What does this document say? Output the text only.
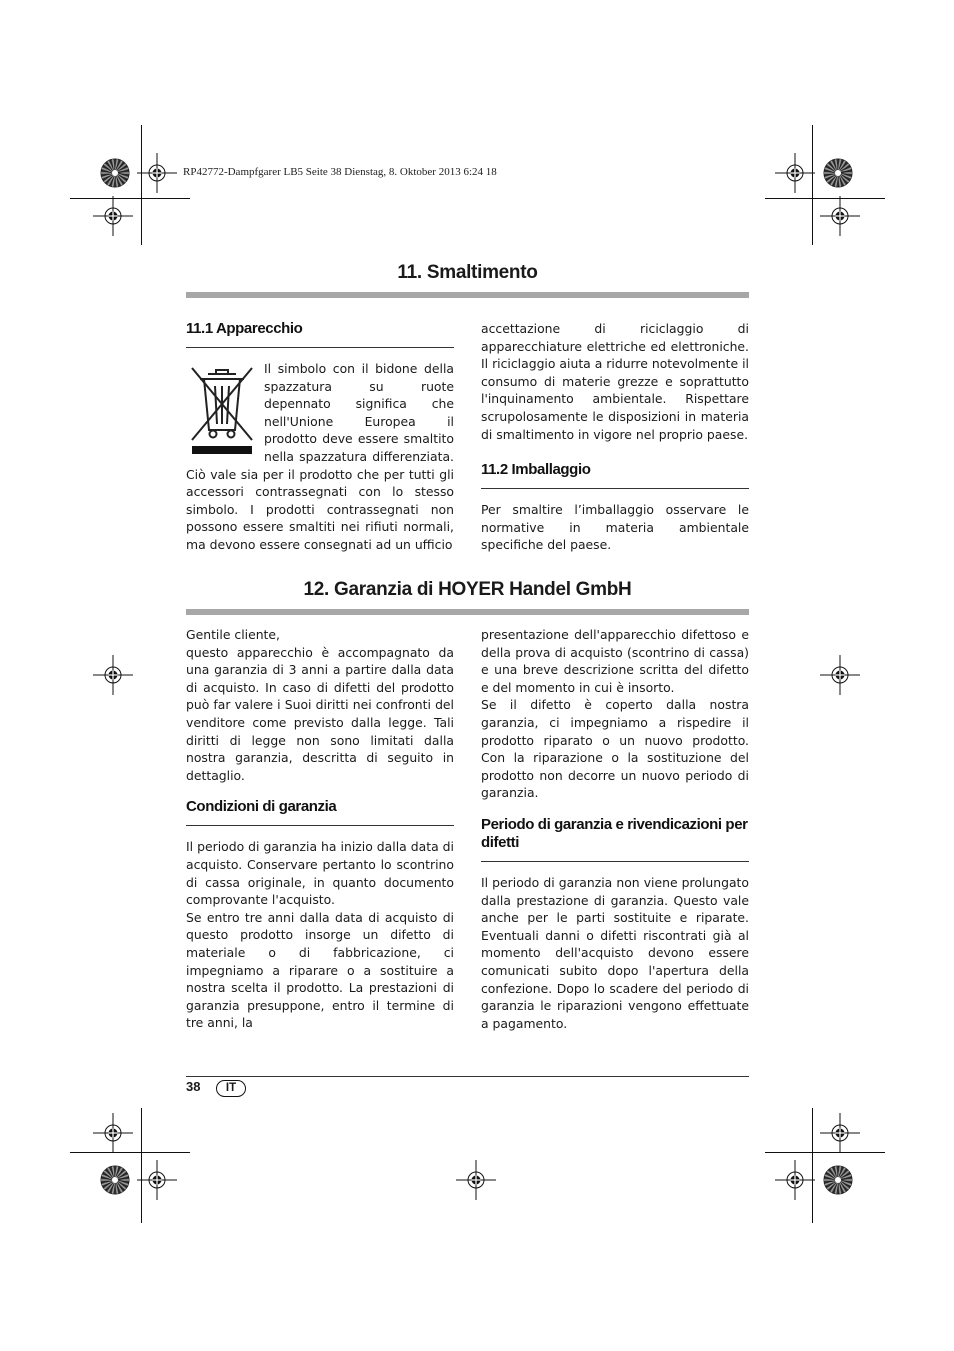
RP42772-Dampfgarer LB5 Seite 38 Dienstag, 8. Oktober 2013 6:24 18
11. Smaltimento
11.1 Apparecchio

Il simbolo con il bidone della spazzatura su ruote depennato significa che nell'Unione Europea il prodotto deve essere smaltito nella spazzatura differenziata. Ciò vale sia per il prodotto che per tutti gli accessori contrassegnati con lo stesso simbolo. I prodotti contrassegnati non possono essere smaltiti nei rifiuti normali, ma devono essere consegnati ad un ufficio

accettazione di riciclaggio di apparecchiature elettriche ed elettroniche. Il riciclaggio aiuta a ridurre notevolmente il consumo di materie grezze e soprattutto l'inquinamento ambientale. Rispettare scrupolosamente le disposizioni in materia di smaltimento in vigore nel proprio paese.

11.2 Imballaggio

Per smaltire l’imballaggio osservare le normative in materia ambientale specifiche del paese.

12. Garanzia di HOYER Handel GmbH

Gentile cliente,

questo apparecchio è accompagnato da una garanzia di 3 anni a partire dalla data di acquisto. In caso di difetti del prodotto può far valere i Suoi diritti nei confronti del venditore come previsto dalla legge. Tali diritti di legge non sono limitati dalla nostra garanzia, descritta di seguito in dettaglio.

Condizioni di garanzia

Il periodo di garanzia ha inizio dalla data di acquisto. Conservare pertanto lo scontrino di cassa originale, in quanto documento comprovante l'acquisto.

Se entro tre anni dalla data di acquisto di questo prodotto insorge un difetto di materiale o di fabbricazione, ci impegniamo a riparare o a sostituire a nostra scelta il prodotto. La prestazioni di garanzia presuppone, entro il termine di tre anni, la

presentazione dell'apparecchio difettoso e della prova di acquisto (scontrino di cassa) e una breve descrizione scritta del difetto e del momento in cui è insorto.

Se il difetto è coperto dalla nostra garanzia, ci impegniamo a rispedire il prodotto riparato o un nuovo prodotto. Con la riparazione o la sostituzione del prodotto non decorre un nuovo periodo di garanzia.

Periodo di garanzia e rivendicazioni per difetti

Il periodo di garanzia non viene prolungato dalla prestazione di garanzia. Questo vale anche per le parti sostituite e riparate. Eventuali danni o difetti riscontrati già al momento dell'acquisto devono essere comunicati subito dopo l'apertura della confezione. Dopo lo scadere del periodo di garanzia le riparazioni vengono effettuate a pagamento.

38	IT
